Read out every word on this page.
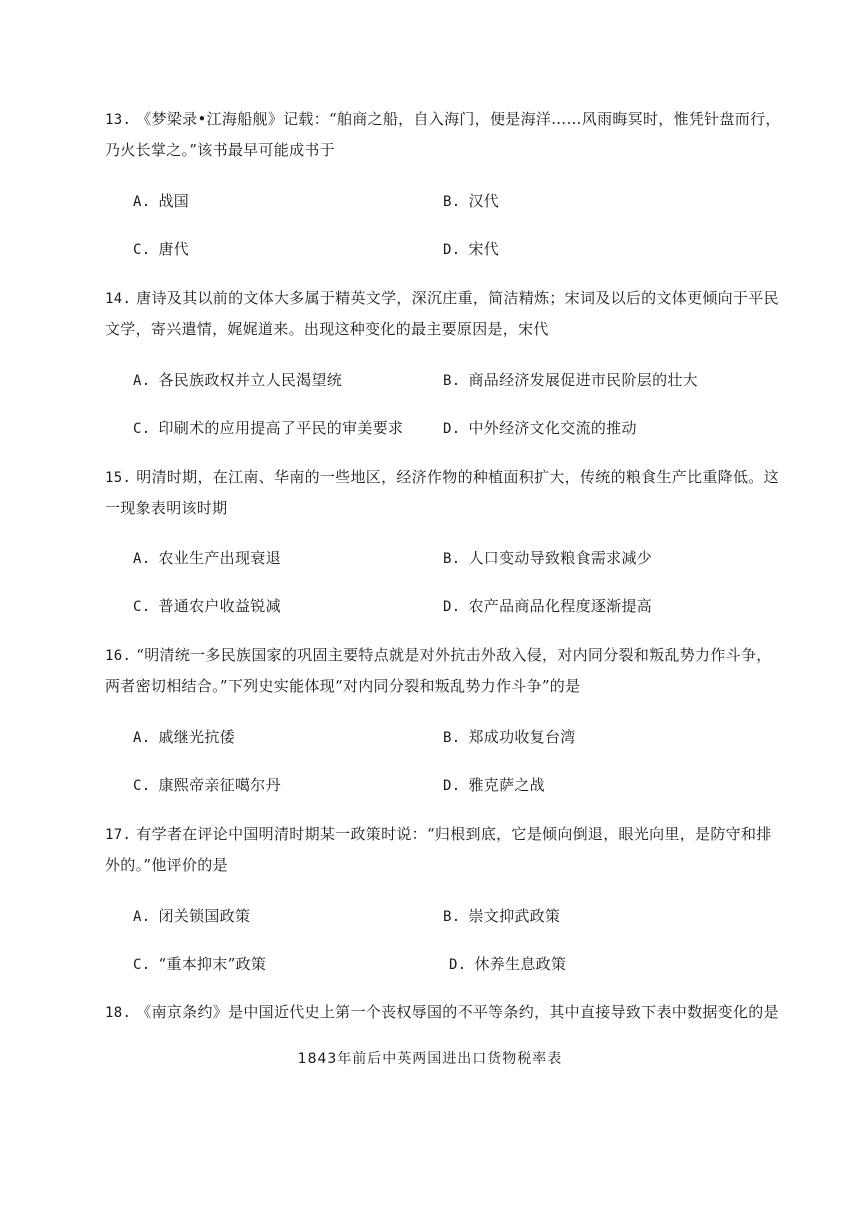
13. 《梦梁录•江海船舰》记载：“舶商之船，自入海门，便是海洋……风雨晦冥时，惟凭针盘而行，乃火长掌之。”该书最早可能成书于
A. 战国	B. 汉代
C. 唐代	D. 宋代
14. 唐诗及其以前的文体大多属于精英文学，深沉庄重，简洁精炼；宋词及以后的文体更倾向于平民文学，寄兴遣情，娓娓道来。出现这种变化的最主要原因是，宋代
A. 各民族政权并立人民渴望统	B. 商品经济发展促进市民阶层的壮大
C. 印刷术的应用提高了平民的审美要求	D. 中外经济文化交流的推动
15. 明清时期，在江南、华南的一些地区，经济作物的种植面积扩大，传统的粮食生产比重降低。这一现象表明该时期
A. 农业生产出现衰退	B. 人口变动导致粮食需求减少
C. 普通农户收益锐减	D. 农产品商品化程度逐渐提高
16. “明清统一多民族国家的巩固主要特点就是对外抗击外敌入侵，对内同分裂和叛乱势力作斗争，两者密切相结合。”下列史实能体现“对内同分裂和叛乱势力作斗争”的是
A. 戚继光抗倭	B. 郑成功收复台湾
C. 康熙帝亲征噶尔丹	D. 雅克萨之战
17. 有学者在评论中国明清时期某一政策时说：“归根到底，它是倾向倒退，眼光向里，是防守和排外的。”他评价的是
A. 闭关锁国政策	B. 崇文抑武政策
C. “重本抑末”政策	D. 休养生息政策
18. 《南京条约》是中国近代史上第一个丧权辱国的不平等条约，其中直接导致下表中数据变化的是
1843年前后中英两国进出口货物税率表
